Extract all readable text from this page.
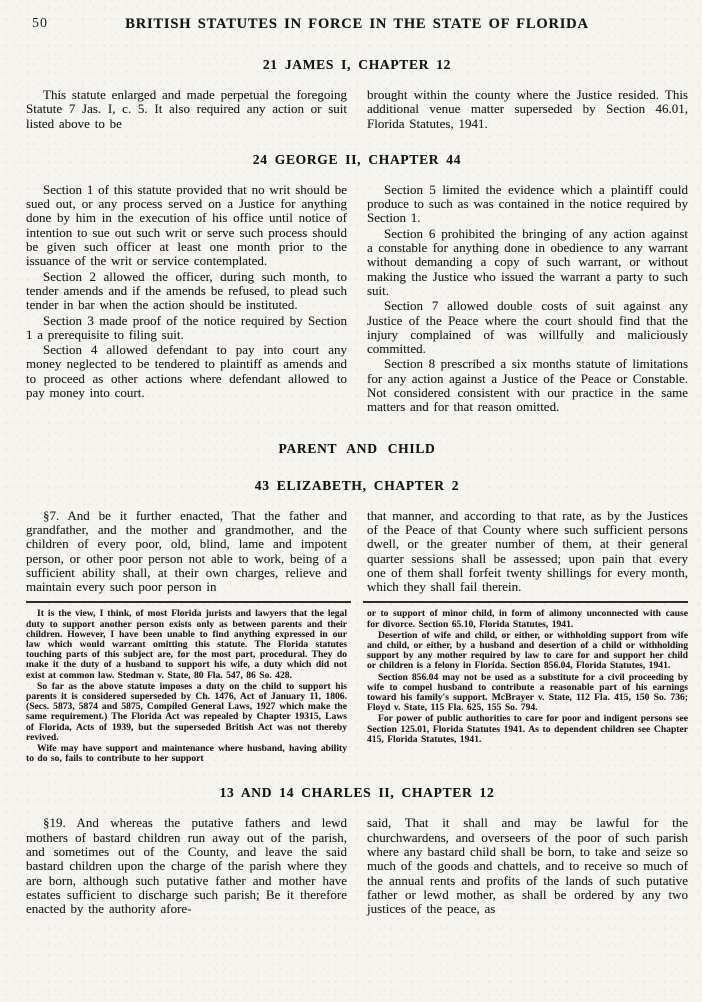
50	BRITISH STATUTES IN FORCE IN THE STATE OF FLORIDA
21 JAMES I, CHAPTER 12

This statute enlarged and made perpetual the foregoing Statute 7 Jas. I, c. 5. It also required any action or suit listed above to be

brought within the county where the Justice resided. This additional venue matter superseded by Section 46.01, Florida Statutes, 1941.

24 GEORGE II, CHAPTER 44

Section 1 of this statute provided that no writ should be sued out, or any process served on a Justice for anything done by him in the execution of his office until notice of intention to sue out such writ or serve such process should be given such officer at least one month prior to the issuance of the writ or service contemplated.

Section 2 allowed the officer, during such month, to tender amends and if the amends be refused, to plead such tender in bar when the action should be instituted.

Section 3 made proof of the notice required by Section 1 a prerequisite to filing suit.

Section 4 allowed defendant to pay into court any money neglected to be tendered to plaintiff as amends and to proceed as other actions where defendant allowed to pay money into court.

Section 5 limited the evidence which a plaintiff could produce to such as was contained in the notice required by Section 1.

Section 6 prohibited the bringing of any action against a constable for anything done in obedience to any warrant without demanding a copy of such warrant, or without making the Justice who issued the warrant a party to such suit.

Section 7 allowed double costs of suit against any Justice of the Peace where the court should find that the injury complained of was willfully and maliciously committed.

Section 8 prescribed a six months statute of limitations for any action against a Justice of the Peace or Constable. Not considered consistent with our practice in the same matters and for that reason omitted.

PARENT AND CHILD
43 ELIZABETH, CHAPTER 2

§7. And be it further enacted, That the father and grandfather, and the mother and grandmother, and the children of every poor, old, blind, lame and impotent person, or other poor person not able to work, being of a sufficient ability shall, at their own charges, relieve and maintain every such poor person in

that manner, and according to that rate, as by the Justices of the Peace of that County where such sufficient persons dwell, or the greater number of them, at their general quarter sessions shall be assessed; upon pain that every one of them shall forfeit twenty shillings for every month, which they shall fail therein.

It is the view, I think, of most Florida jurists and lawyers that the legal duty to support another person exists only as between parents and their children. However, I have been unable to find anything expressed in our law which would warrant omitting this statute. The Florida statutes touching parts of this subject are, for the most part, procedural. They do make it the duty of a husband to support his wife, a duty which did not exist at common law. Stedman v. State, 80 Fla. 547, 86 So. 428.

So far as the above statute imposes a duty on the child to support his parents it is considered superseded by Ch. 1476, Act of January 11, 1806. (Secs. 5873, 5874 and 5875, Compiled General Laws, 1927 which make the same requirement.) The Florida Act was repealed by Chapter 19315, Laws of Florida, Acts of 1939, but the superseded British Act was not thereby revived.

Wife may have support and maintenance where husband, having ability to do so, fails to contribute to her support

or to support of minor child, in form of alimony unconnected with cause for divorce. Section 65.10, Florida Statutes, 1941.

Desertion of wife and child, or either, or withholding support from wife and child, or either, by a husband and desertion of a child or withholding support by any mother required by law to care for and support her child or children is a felony in Florida. Section 856.04, Florida Statutes, 1941.

Section 856.04 may not be used as a substitute for a civil proceeding by wife to compel husband to contribute a reasonable part of his earnings toward his family's support. McBrayer v. State, 112 Fla. 415, 150 So. 736; Floyd v. State, 115 Fla. 625, 155 So. 794.

For power of public authorities to care for poor and indigent persons see Section 125.01, Florida Statutes 1941. As to dependent children see Chapter 415, Florida Statutes, 1941.

13 AND 14 CHARLES II, CHAPTER 12

§19. And whereas the putative fathers and lewd mothers of bastard children run away out of the parish, and sometimes out of the County, and leave the said bastard children upon the charge of the parish where they are born, although such putative father and mother have estates sufficient to discharge such parish; Be it therefore enacted by the authority afore-

said, That it shall and may be lawful for the churchwardens, and overseers of the poor of such parish where any bastard child shall be born, to take and seize so much of the goods and chattels, and to receive so much of the annual rents and profits of the lands of such putative father or lewd mother, as shall be ordered by any two justices of the peace, as
